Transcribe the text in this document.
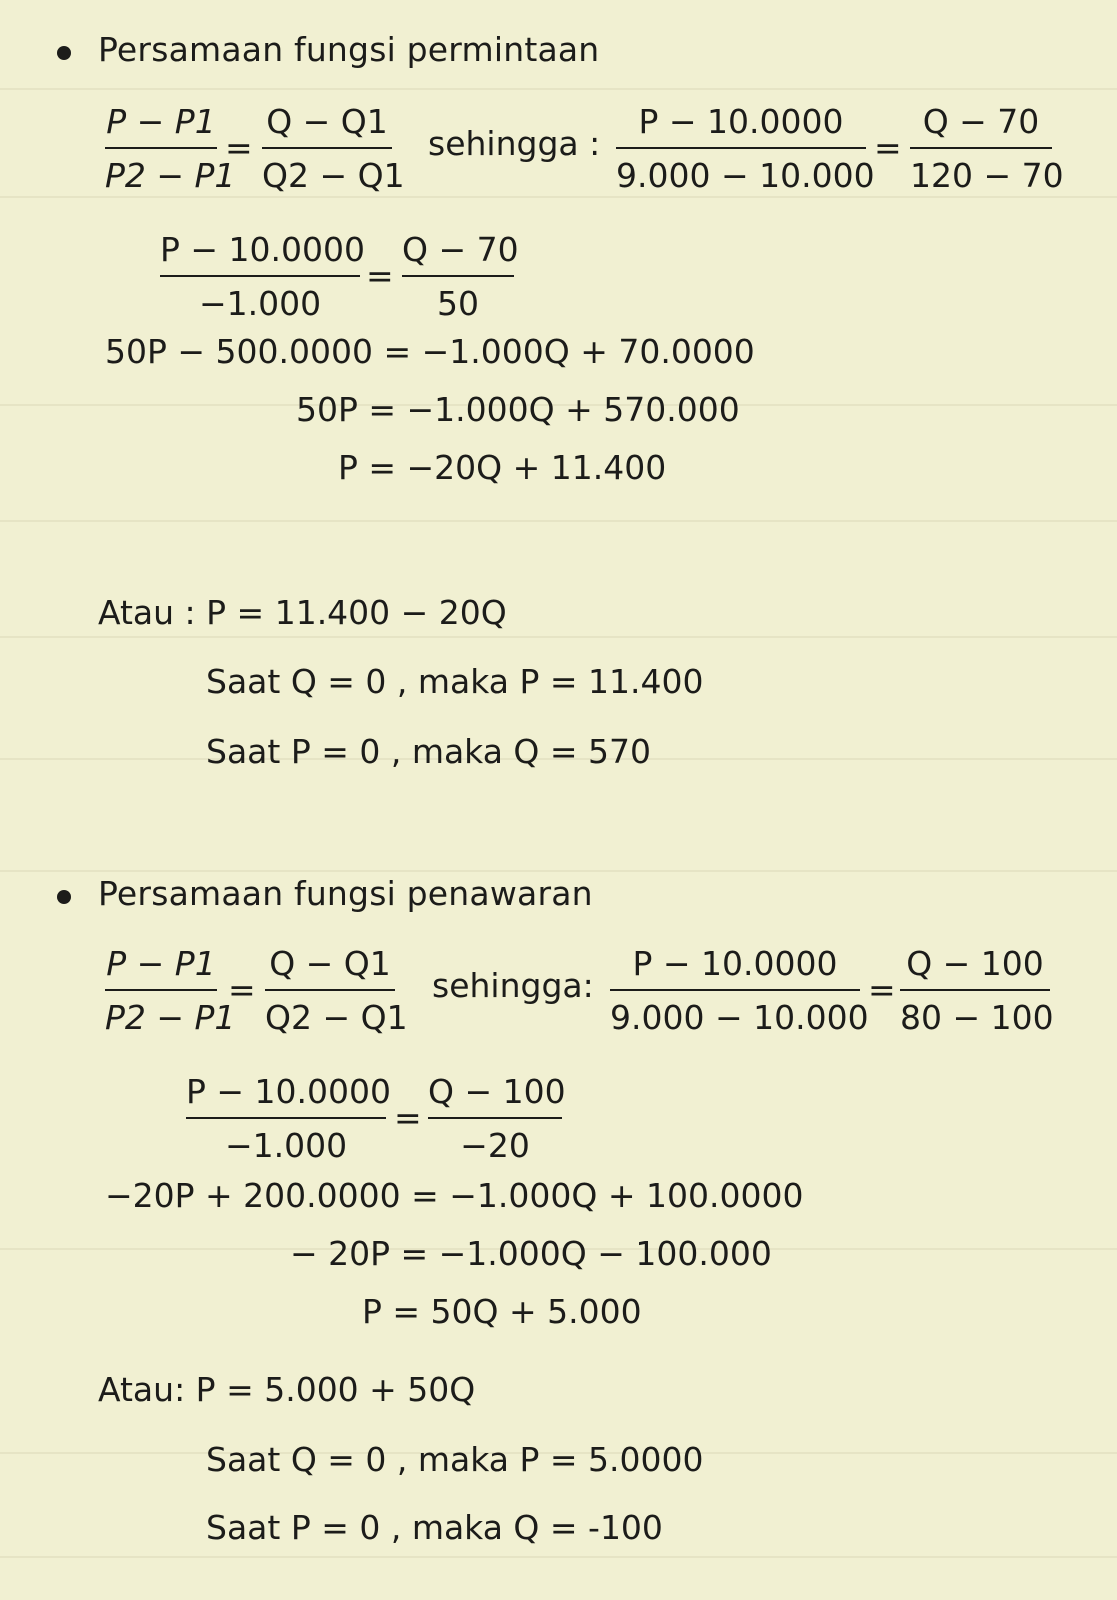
Persamaan fungsi permintaan
P − P1
P2 − P1
=
Q − Q1
Q2 − Q1
sehingga :
P − 10.0000
9.000 − 10.000
=
Q − 70
120 − 70
P − 10.0000
−1.000
=
Q − 70
50
50P − 500.0000 = −1.000Q + 70.0000
50P = −1.000Q + 570.000
P = −20Q + 11.400
Atau : P = 11.400 − 20Q
Saat Q = 0 , maka P = 11.400
Saat P = 0 , maka Q = 570
Persamaan fungsi penawaran
P − P1
P2 − P1
=
Q − Q1
Q2 − Q1
sehingga:
P − 10.0000
9.000 − 10.000
=
Q − 100
80 − 100
P − 10.0000
−1.000
=
Q − 100
−20
−20P + 200.0000 = −1.000Q + 100.0000
− 20P = −1.000Q − 100.000
P = 50Q + 5.000
Atau: P = 5.000 + 50Q
Saat Q = 0 , maka P = 5.0000
Saat P = 0 , maka Q = -100
